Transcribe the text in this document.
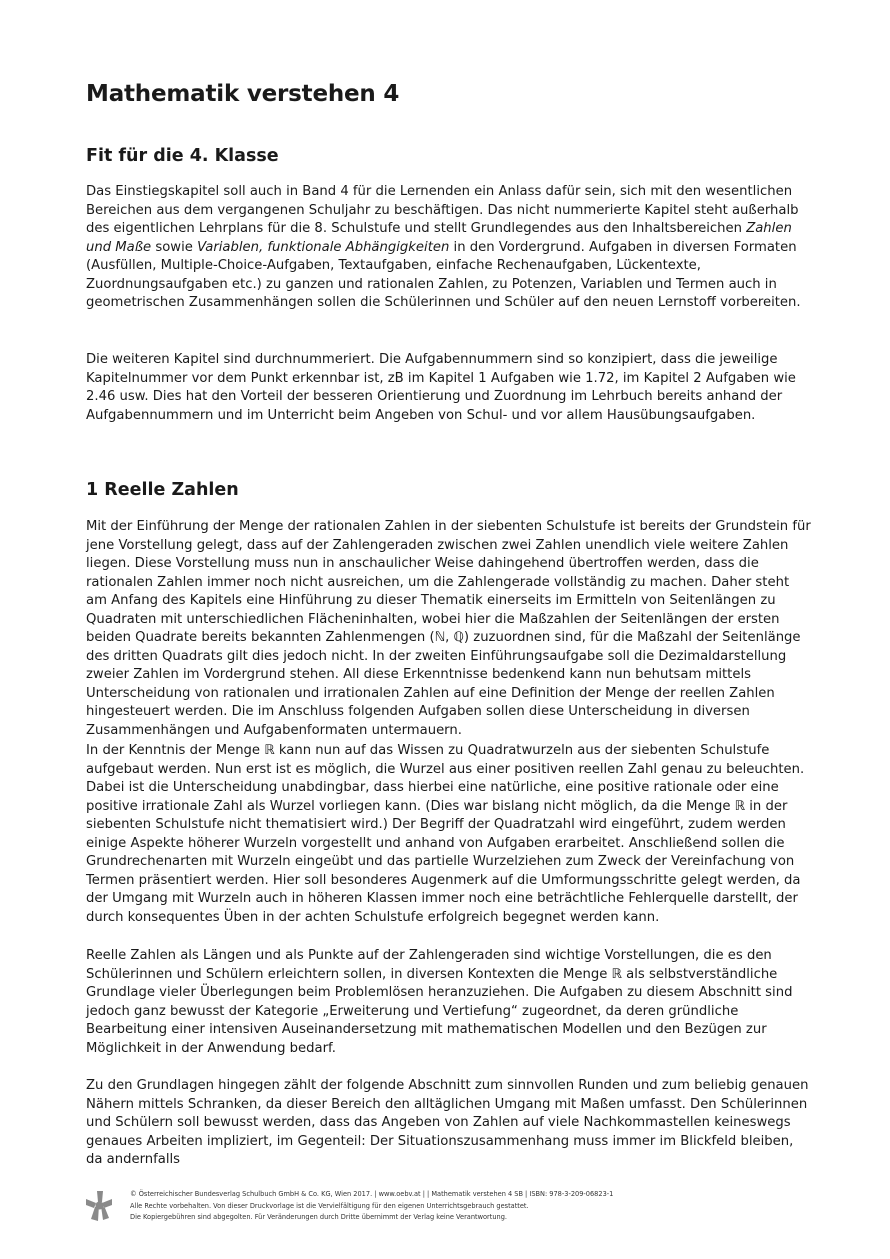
Mathematik verstehen 4
Fit für die 4. Klasse

Das Einstiegskapitel soll auch in Band 4 für die Lernenden ein Anlass dafür sein, sich mit den wesentlichen Bereichen aus dem vergangenen Schuljahr zu beschäftigen. Das nicht nummerierte Kapitel steht außerhalb des eigentlichen Lehrplans für die 8. Schulstufe und stellt Grundlegendes aus den Inhaltsbereichen Zahlen und Maße sowie Variablen, funktionale Abhängigkeiten in den Vordergrund. Aufgaben in diversen Formaten (Ausfüllen, Multiple-Choice-Aufgaben, Textaufgaben, einfache Rechenaufgaben, Lückentexte, Zuordnungsaufgaben etc.) zu ganzen und rationalen Zahlen, zu Potenzen, Variablen und Termen auch in geometrischen Zusammenhängen sollen die Schülerinnen und Schüler auf den neuen Lernstoff vorbereiten.

Die weiteren Kapitel sind durchnummeriert. Die Aufgabennummern sind so konzipiert, dass die jeweilige Kapitelnummer vor dem Punkt erkennbar ist, zB im Kapitel 1 Aufgaben wie 1.72, im Kapitel 2 Aufgaben wie 2.46 usw. Dies hat den Vorteil der besseren Orientierung und Zuordnung im Lehrbuch bereits anhand der Aufgabennummern und im Unterricht beim Angeben von Schul- und vor allem Hausübungsaufgaben.

1 Reelle Zahlen

Mit der Einführung der Menge der rationalen Zahlen in der siebenten Schulstufe ist bereits der Grundstein für jene Vorstellung gelegt, dass auf der Zahlengeraden zwischen zwei Zahlen unendlich viele weitere Zahlen liegen. Diese Vorstellung muss nun in anschaulicher Weise dahingehend übertroffen werden, dass die rationalen Zahlen immer noch nicht ausreichen, um die Zahlengerade vollständig zu machen. Daher steht am Anfang des Kapitels eine Hinführung zu dieser Thematik einerseits im Ermitteln von Seitenlängen zu Quadraten mit unterschiedlichen Flächeninhalten, wobei hier die Maßzahlen der Seitenlängen der ersten beiden Quadrate bereits bekannten Zahlenmengen (ℕ, ℚ) zuzuordnen sind, für die Maßzahl der Seitenlänge des dritten Quadrats gilt dies jedoch nicht. In der zweiten Einführungsaufgabe soll die Dezimaldarstellung zweier Zahlen im Vordergrund stehen. All diese Erkenntnisse bedenkend kann nun behutsam mittels Unterscheidung von rationalen und irrationalen Zahlen auf eine Definition der Menge der reellen Zahlen hingesteuert werden. Die im Anschluss folgenden Aufgaben sollen diese Unterscheidung in diversen Zusammenhängen und Aufgabenformaten untermauern.

In der Kenntnis der Menge ℝ kann nun auf das Wissen zu Quadratwurzeln aus der siebenten Schulstufe aufgebaut werden. Nun erst ist es möglich, die Wurzel aus einer positiven reellen Zahl genau zu beleuchten. Dabei ist die Unterscheidung unabdingbar, dass hierbei eine natürliche, eine positive rationale oder eine positive irrationale Zahl als Wurzel vorliegen kann. (Dies war bislang nicht möglich, da die Menge ℝ in der siebenten Schulstufe nicht thematisiert wird.) Der Begriff der Quadratzahl wird eingeführt, zudem werden einige Aspekte höherer Wurzeln vorgestellt und anhand von Aufgaben erarbeitet. Anschließend sollen die Grundrechenarten mit Wurzeln eingeübt und das partielle Wurzelziehen zum Zweck der Vereinfachung von Termen präsentiert werden. Hier soll besonderes Augenmerk auf die Umformungsschritte gelegt werden, da der Umgang mit Wurzeln auch in höheren Klassen immer noch eine beträchtliche Fehlerquelle darstellt, der durch konsequentes Üben in der achten Schulstufe erfolgreich begegnet werden kann.

Reelle Zahlen als Längen und als Punkte auf der Zahlengeraden sind wichtige Vorstellungen, die es den Schülerinnen und Schülern erleichtern sollen, in diversen Kontexten die Menge ℝ als selbstverständliche Grundlage vieler Überlegungen beim Problemlösen heranzuziehen. Die Aufgaben zu diesem Abschnitt sind jedoch ganz bewusst der Kategorie „Erweiterung und Vertiefung“ zugeordnet, da deren gründliche Bearbeitung einer intensiven Auseinandersetzung mit mathematischen Modellen und den Bezügen zur Möglichkeit in der Anwendung bedarf.

Zu den Grundlagen hingegen zählt der folgende Abschnitt zum sinnvollen Runden und zum beliebig genauen Nähern mittels Schranken, da dieser Bereich den alltäglichen Umgang mit Maßen umfasst. Den Schülerinnen und Schülern soll bewusst werden, dass das Angeben von Zahlen auf viele Nachkommastellen keineswegs genaues Arbeiten impliziert, im Gegenteil: Der Situationszusammenhang muss immer im Blickfeld bleiben, da andernfalls

© Österreichischer Bundesverlag Schulbuch GmbH & Co. KG, Wien 2017. | www.oebv.at | | Mathematik verstehen 4 SB | ISBN: 978-3-209-06823-1
Alle Rechte vorbehalten. Von dieser Druckvorlage ist die Vervielfältigung für den eigenen Unterrichtsgebrauch gestattet.
Die Kopiergebühren sind abgegolten. Für Veränderungen durch Dritte übernimmt der Verlag keine Verantwortung.
